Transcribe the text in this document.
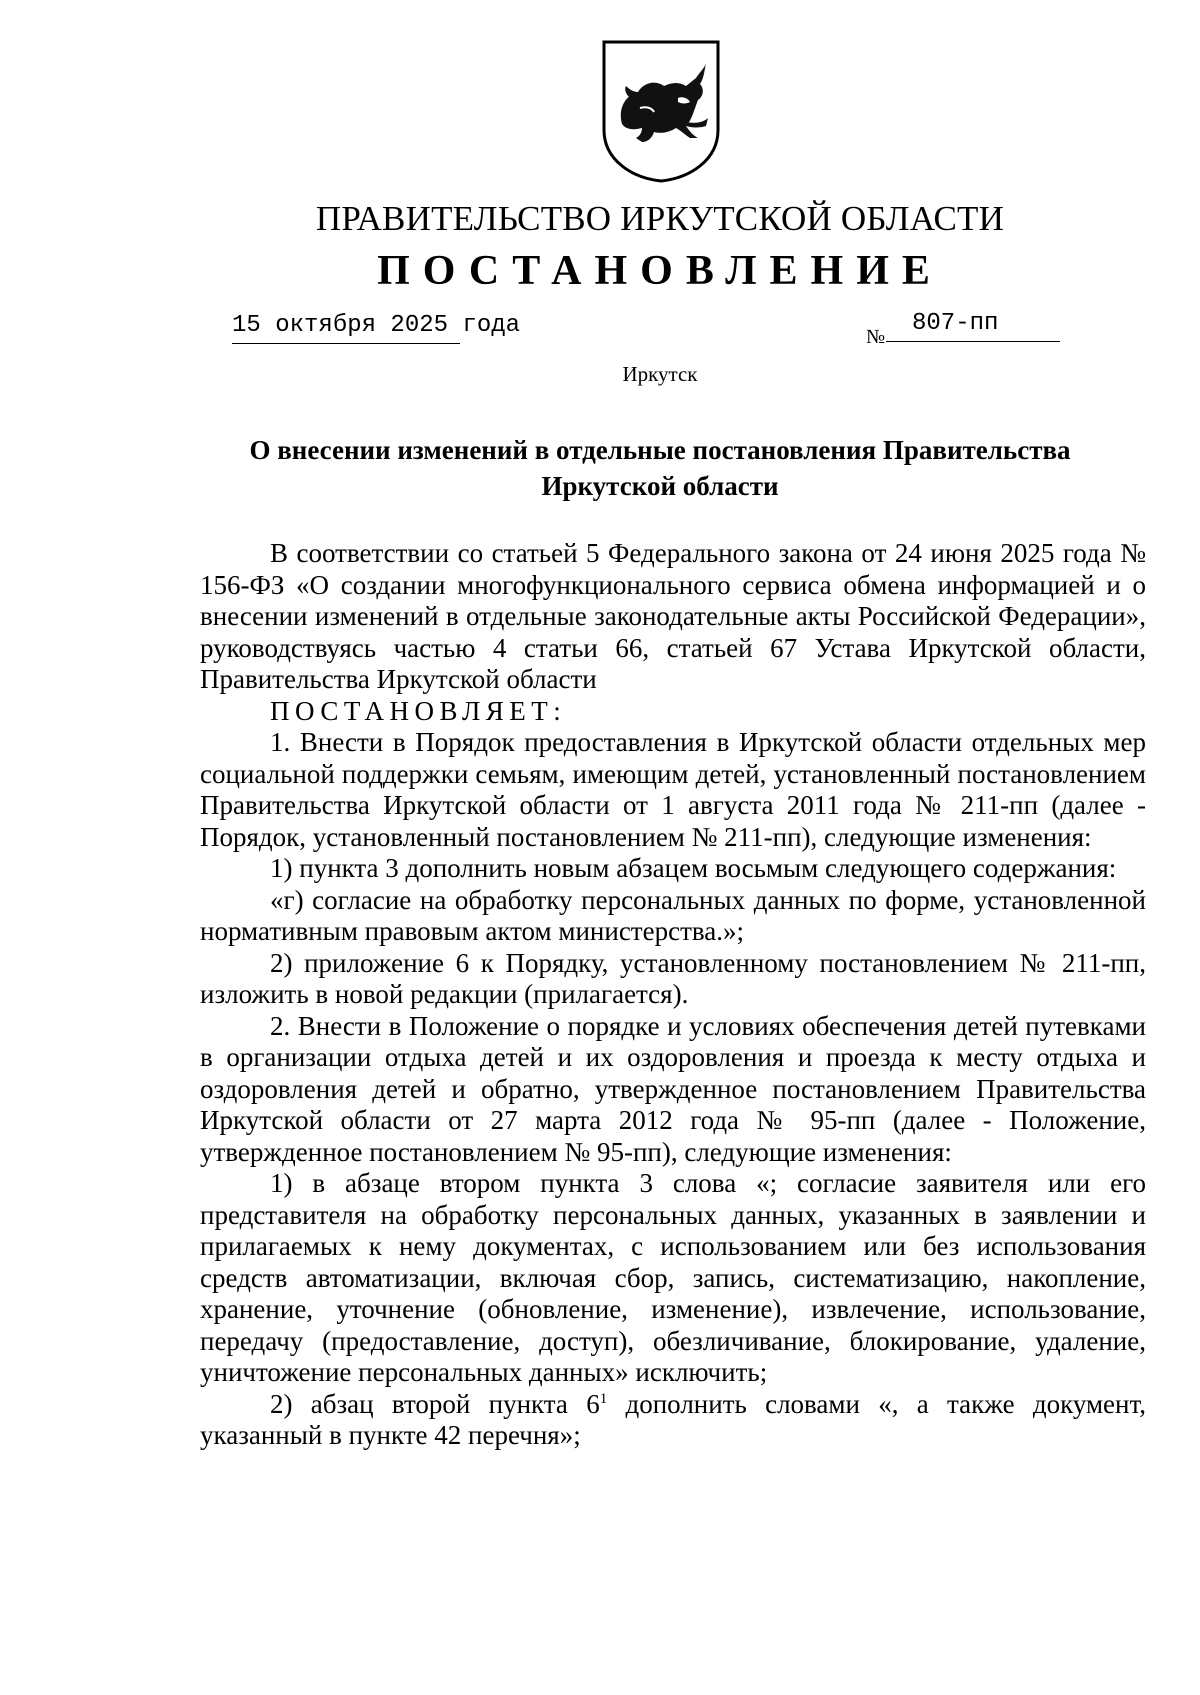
ПРАВИТЕЛЬСТВО ИРКУТСКОЙ ОБЛАСТИ
ПОСТАНОВЛЕНИЕ
15 октября 2025 года	№	807-пп
Иркутск
О внесении изменений в отдельные постановления Правительства
Иркутской области

В соответствии со статьей 5 Федерального закона от 24 июня 2025 года № 156-ФЗ «О создании многофункционального сервиса обмена информацией и о внесении изменений в отдельные законодательные акты Российской Федерации», руководствуясь частью 4 статьи 66, статьей 67 Устава Иркутской области, Правительства Иркутской области

ПОСТАНОВЛЯЕТ:

1. Внести в Порядок предоставления в Иркутской области отдельных мер социальной поддержки семьям, имеющим детей, установленный постановлением Правительства Иркутской области от 1 августа 2011 года № 211-пп (далее - Порядок, установленный постановлением № 211-пп), следующие изменения:

1) пункта 3 дополнить новым абзацем восьмым следующего содержания:

«г) согласие на обработку персональных данных по форме, установленной нормативным правовым актом министерства.»;

2) приложение 6 к Порядку, установленному постановлением № 211-пп, изложить в новой редакции (прилагается).

2. Внести в Положение о порядке и условиях обеспечения детей путевками в организации отдыха детей и их оздоровления и проезда к месту отдыха и оздоровления детей и обратно, утвержденное постановлением Правительства Иркутской области от 27 марта 2012 года № 95-пп (далее - Положение, утвержденное постановлением № 95-пп), следующие изменения:

1) в абзаце втором пункта 3 слова «; согласие заявителя или его представителя на обработку персональных данных, указанных в заявлении и прилагаемых к нему документах, с использованием или без использования средств автоматизации, включая сбор, запись, систематизацию, накопление, хранение, уточнение (обновление, изменение), извлечение, использование, передачу (предоставление, доступ), обезличивание, блокирование, удаление, уничтожение персональных данных» исключить;

2) абзац второй пункта $6^1$ дополнить словами «, а также документ, указанный в пункте 42 перечня»;
